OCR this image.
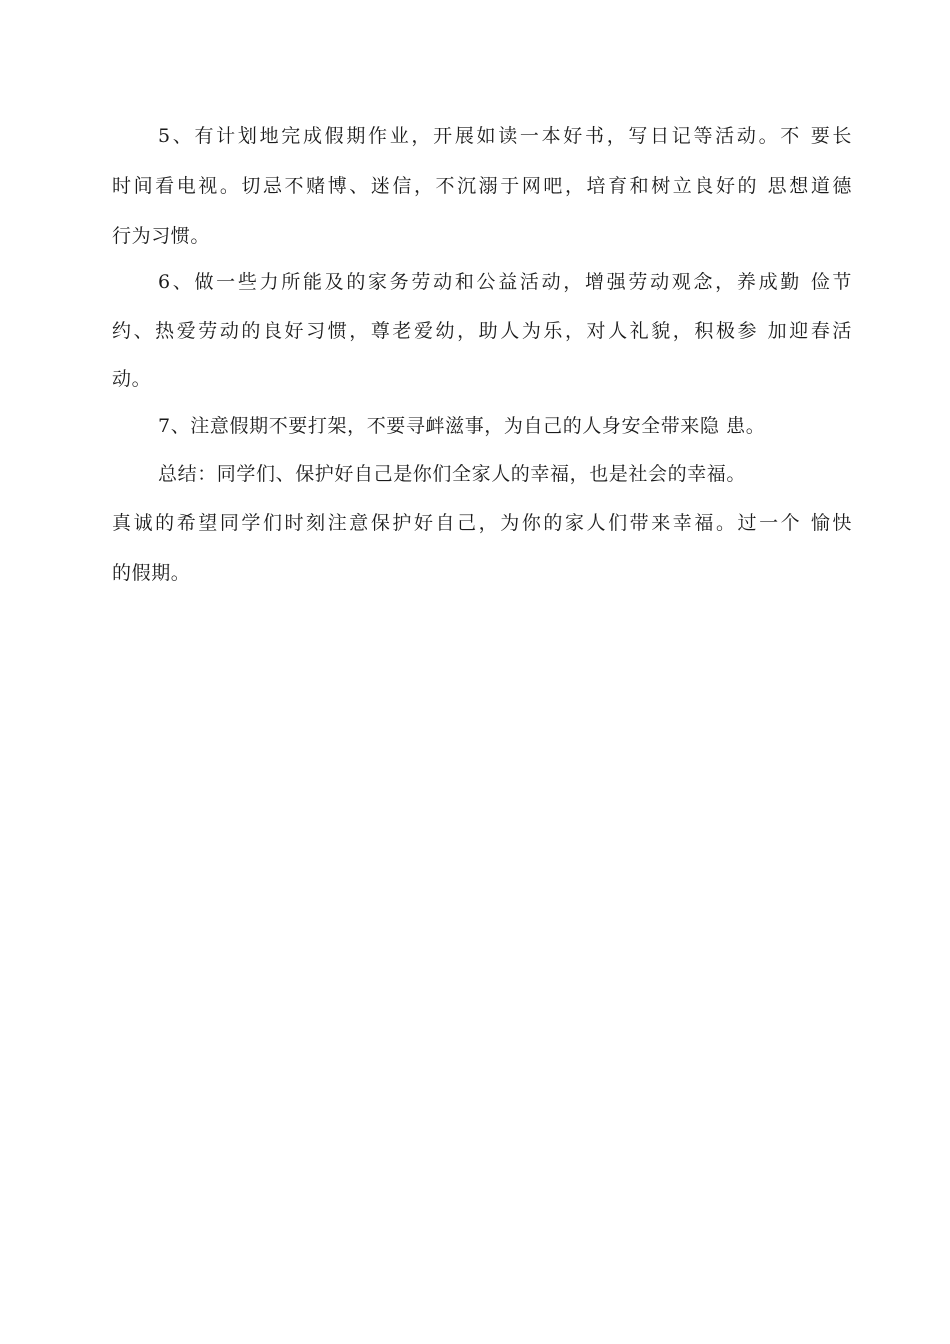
5、有计划地完成假期作业，开展如读一本好书，写日记等活动。不 要长
时间看电视。切忌不赌博、迷信，不沉溺于网吧，培育和树立良好的 思想道德
行为习惯。
6、做一些力所能及的家务劳动和公益活动，增强劳动观念，养成勤 俭节
约、热爱劳动的良好习惯，尊老爱幼，助人为乐，对人礼貌，积极参 加迎春活
动。
7、注意假期不要打架，不要寻衅滋事，为自己的人身安全带来隐 患。
总结：同学们、保护好自己是你们全家人的幸福，也是社会的幸福。
真诚的希望同学们时刻注意保护好自己，为你的家人们带来幸福。过一个 愉快
的假期。
